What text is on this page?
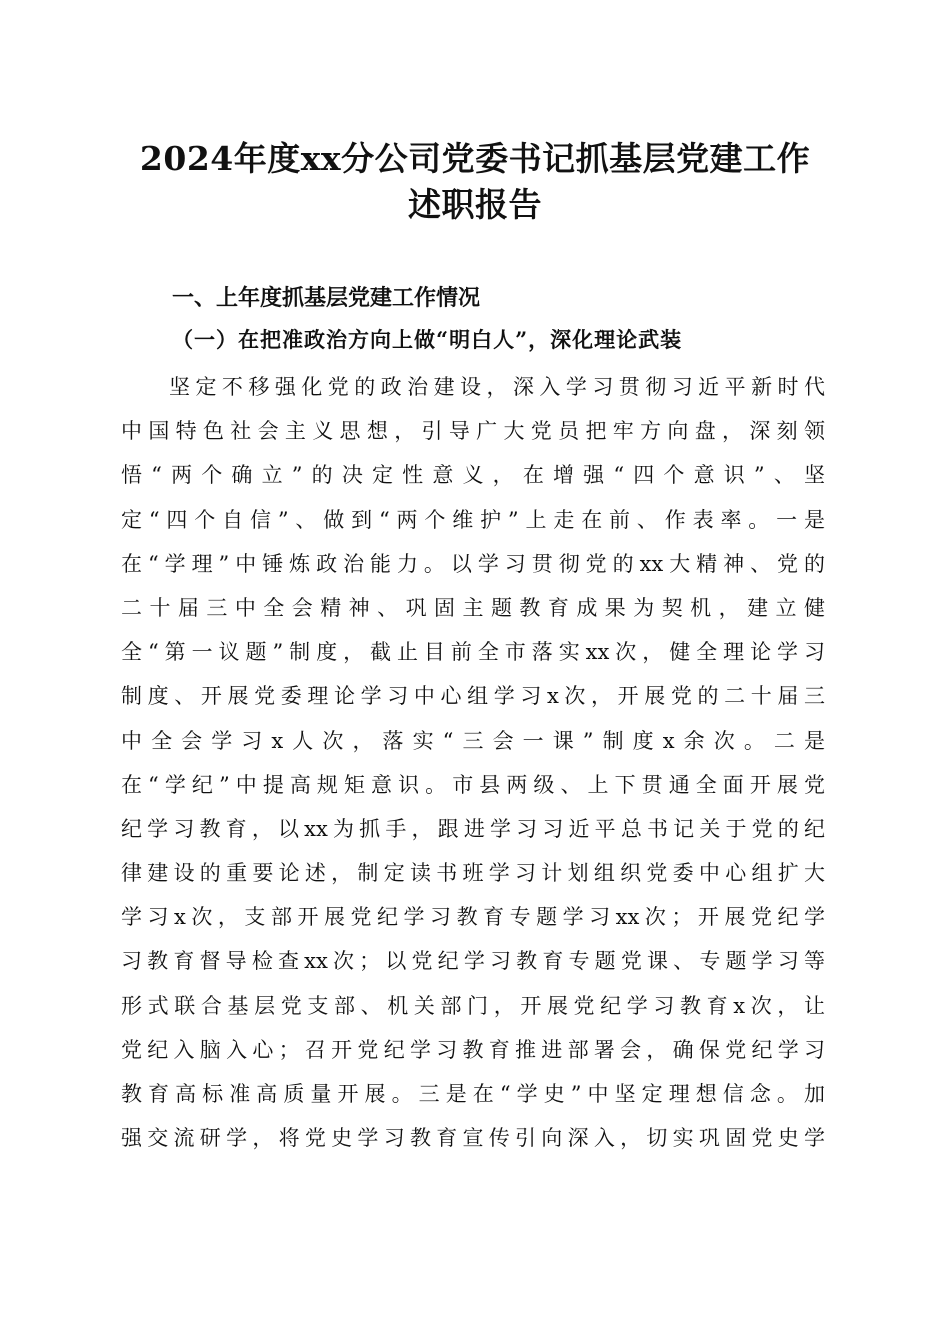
2024年度xx分公司党委书记抓基层党建工作
述职报告
一、上年度抓基层党建工作情况
（一）在把准政治方向上做“明白人”，深化理论武装
坚定不移强化党的政治建设，深入学习贯彻习近平新时代
中国特色社会主义思想，引导广大党员把牢方向盘，深刻领
悟“两个确立”的决定性意义，在增强“四个意识”、坚
定“四个自信”、做到“两个维护”上走在前、作表率。一是
在“学理”中锤炼政治能力。以学习贯彻党的xx大精神、党的
二十届三中全会精神、巩固主题教育成果为契机，建立健
全“第一议题”制度，截止目前全市落实xx次，健全理论学习
制度、开展党委理论学习中心组学习x次，开展党的二十届三
中全会学习x人次，落实“三会一课”制度x余次。二是
在“学纪”中提高规矩意识。市县两级、上下贯通全面开展党
纪学习教育，以xx为抓手，跟进学习习近平总书记关于党的纪
律建设的重要论述，制定读书班学习计划组织党委中心组扩大
学习x次，支部开展党纪学习教育专题学习xx次；开展党纪学
习教育督导检查xx次；以党纪学习教育专题党课、专题学习等
形式联合基层党支部、机关部门，开展党纪学习教育x次，让
党纪入脑入心；召开党纪学习教育推进部署会，确保党纪学习
教育高标准高质量开展。三是在“学史”中坚定理想信念。加
强交流研学，将党史学习教育宣传引向深入，切实巩固党史学
